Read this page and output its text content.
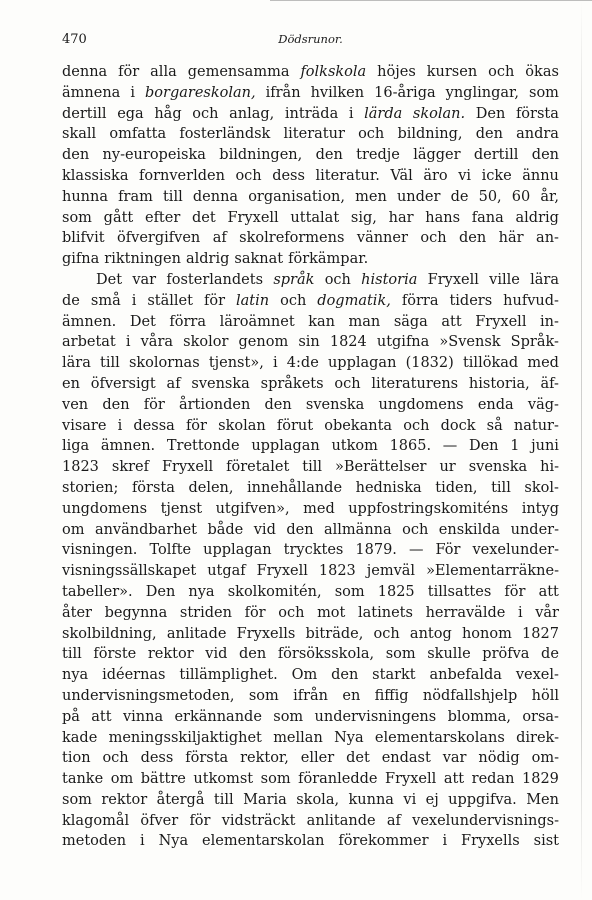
470	Dödsrunor.
denna för alla gemensamma folkskola höjes kursen och ökas
ämnena i borgareskolan, ifrån hvilken 16-åriga ynglingar, som
dertill ega håg och anlag, inträda i lärda skolan. Den första
skall omfatta fosterländsk literatur och bildning, den andra
den ny-europeiska bildningen, den tredje lägger dertill den
klassiska fornverlden och dess literatur. Väl äro vi icke ännu
hunna fram till denna organisation, men under de 50, 60 år,
som gått efter det Fryxell uttalat sig, har hans fana aldrig
blifvit öfvergifven af skolreformens vänner och den här an-
gifna riktningen aldrig saknat förkämpar.
Det var fosterlandets språk och historia Fryxell ville lära
de små i stället för latin och dogmatik, förra tiders hufvud-
ämnen. Det förra läroämnet kan man säga att Fryxell in-
arbetat i våra skolor genom sin 1824 utgifna »Svensk Språk-
lära till skolornas tjenst», i 4:de upplagan (1832) tillökad med
en öfversigt af svenska språkets och literaturens historia, äf-
ven den för årtionden den svenska ungdomens enda väg-
visare i dessa för skolan förut obekanta och dock så natur-
liga ämnen. Trettonde upplagan utkom 1865. — Den 1 juni
1823 skref Fryxell företalet till »Berättelser ur svenska hi-
storien; första delen, innehållande hedniska tiden, till skol-
ungdomens tjenst utgifven», med uppfostringskomiténs intyg
om användbarhet både vid den allmänna och enskilda under-
visningen. Tolfte upplagan trycktes 1879. — För vexelunder-
visningssällskapet utgaf Fryxell 1823 jemväl »Elementarräkne-
tabeller». Den nya skolkomitén, som 1825 tillsattes för att
åter begynna striden för och mot latinets herravälde i vår
skolbildning, anlitade Fryxells biträde, och antog honom 1827
till förste rektor vid den försöksskola, som skulle pröfva de
nya idéernas tillämplighet. Om den starkt anbefalda vexel-
undervisningsmetoden, som ifrån en fiffig nödfallshjelp höll
på att vinna erkännande som undervisningens blomma, orsa-
kade meningsskiljaktighet mellan Nya elementarskolans direk-
tion och dess första rektor, eller det endast var nödig om-
tanke om bättre utkomst som föranledde Fryxell att redan 1829
som rektor återgå till Maria skola, kunna vi ej uppgifva. Men
klagomål öfver för vidsträckt anlitande af vexelundervisnings-
metoden i Nya elementarskolan förekommer i Fryxells sist
